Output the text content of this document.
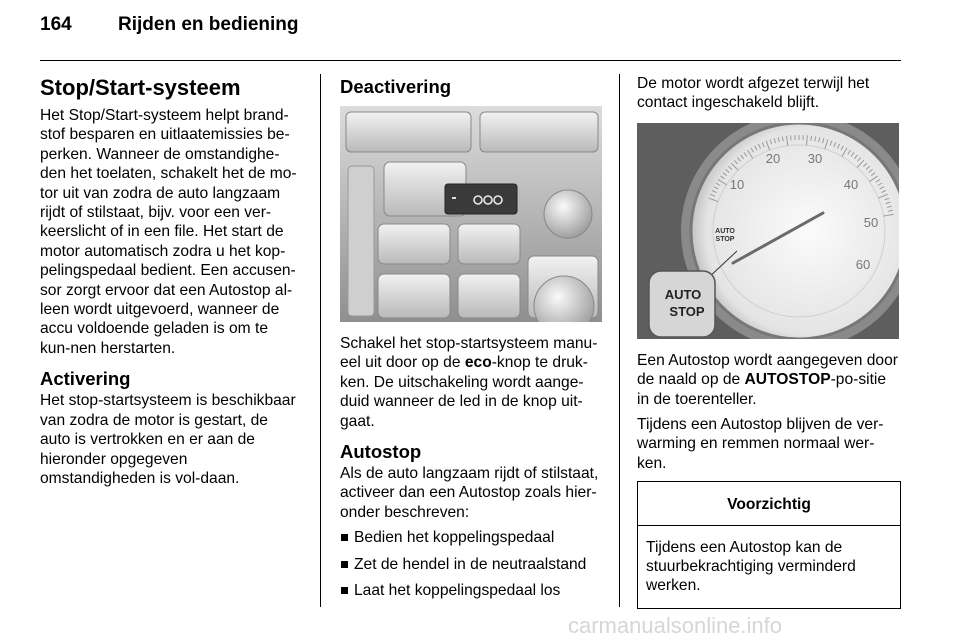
164 Rijden en bediening
Stop/Start-systeem

Het Stop/Start-systeem helpt brand-stof besparen en uitlaatemissies be-perken. Wanneer de omstandighe-den het toelaten, schakelt het de mo-tor uit van zodra de auto langzaam rijdt of stilstaat, bijv. voor een ver-keerslicht of in een file. Het start de motor automatisch zodra u het kop-pelingspedaal bedient. Een accusen-sor zorgt ervoor dat een Autostop al-leen wordt uitgevoerd, wanneer de accu voldoende geladen is om te kun-nen herstarten.

Activering

Het stop-startsysteem is beschikbaar van zodra de motor is gestart, de auto is vertrokken en er aan de hieronder opgegeven omstandigheden is vol-daan.

Deactivering

Schakel het stop-startsysteem manu-eel uit door op de eco-knop te druk-ken. De uitschakeling wordt aange-duid wanneer de led in de knop uit-gaat.

Autostop

Als de auto langzaam rijdt of stilstaat, activeer dan een Autostop zoals hier-onder beschreven:

Bedien het koppelingspedaal
Zet de hendel in de neutraalstand
Laat het koppelingspedaal los

De motor wordt afgezet terwijl het contact ingeschakeld blijft.

10
20 30
40
50
60
AUTO
STOP
AUTO
STOP

Een Autostop wordt aangegeven door de naald op de AUTOSTOP-po-sitie in de toerenteller.

Tijdens een Autostop blijven de ver-warming en remmen normaal wer-ken.

Voorzichtig
Tijdens een Autostop kan de stuurbekrachtiging verminderd werken.
carmanualsonline.info
